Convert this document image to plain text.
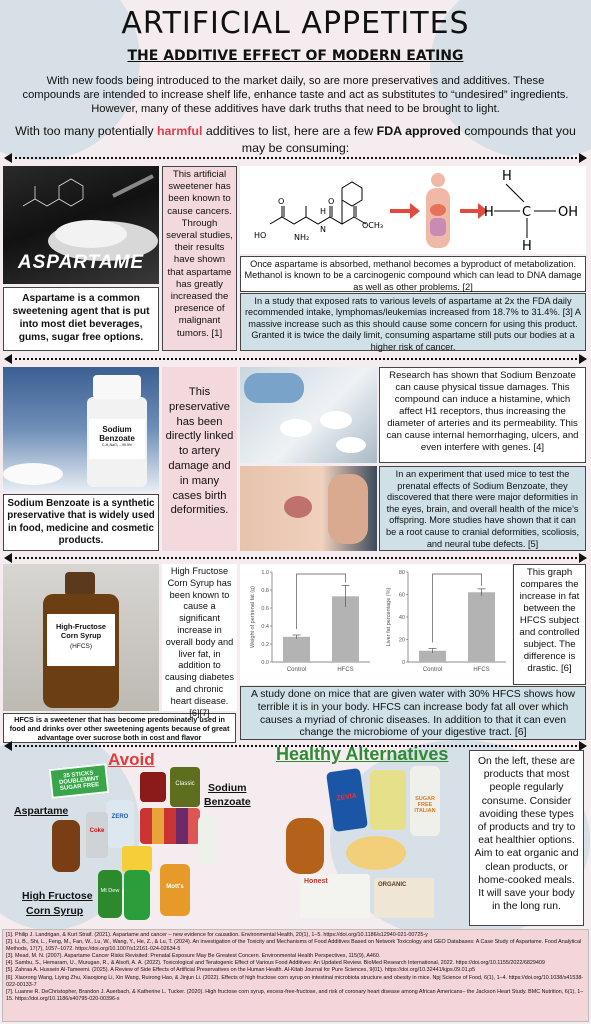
ARTIFICIAL APPETITES
THE ADDITIVE EFFECT OF MODERN EATING
With new foods being introduced to the market daily, so are more preservatives and additives. These compounds are intended to increase shelf life, enhance taste and act as substitutes to “undesired” ingredients. However, many of these additives have dark truths that need to be brought to light.
With too many potentially harmful additives to list, here are a few FDA approved compounds that you may be consuming:
ASPARTAME
Aspartame is a common sweetening agent that is put into most diet beverages, gums, sugar free options.
This artificial sweetener has been known to cause cancers. Through several studies, their results have shown that aspartame has greatly increased the presence of malignant tumors. [1]
HO	NH₂
O	O
N
H
OCH₃
H
H C OH
H
Once aspartame is absorbed, methanol becomes a byproduct of metabolization. Methanol is known to be a carcinogenic compound which can lead to DNA damage as well as other problems. [2]
In a study that exposed rats to various levels of aspartame at 2x the FDA daily recommended intake, lymphomas/leukemias increased from 18.7% to 31.4%. [3] A massive increase such as this should cause some concern for using this product. Granted it is twice the daily limit, consuming aspartame still puts our bodies at a higher risk of cancer.
Sodium
Benzoate
C₇H₅NaO₂ – 99.5%
Sodium Benzoate is a synthetic preservative that is widely used in food, medicine and cosmetic products.
This preservative has been directly linked to artery damage and in many cases birth deformities.
Research has shown that Sodium Benzoate can cause physical tissue damages. This compound can induce a histamine, which affect H1 receptors, thus increasing the diameter of arteries and its permeability. This can cause internal hemorrhaging, ulcers, and even interfere with genes. [4]
In an experiment that used mice to test the prenatal effects of Sodium Benzoate, they discovered that there were major deformities in the eyes, brain, and overall health of the mice’s offspring. More studies have shown that it can be a root cause to cranial deformities, scoliosis, and neural tube defects. [5]
High-Fructose
Corn Syrup
(HFCS)
HFCS is a sweetener that has become predominately used in food and drinks over other sweetening agents because of great advantage over sucrose both in cost and flavor
High Fructose Corn Syrup has been known to cause a significant increase in overall body and liver fat, in addition to causing diabetes and chronic heart disease. [6][7]
0.0
0.2
0.4
0.6
0.8
1.0
Weight of perirenal fat (g)
Control	HFCS
0
20
40
60
80
Liver fat percentage (%)
Control	HFCS
This graph compares the increase in fat between the HFCS subject and controlled subject. The difference is drastic. [6]
A study done on mice that are given water with 30% HFCS shows how terrible it is in your body. HFCS can increase body fat all over which causes a myriad of chronic diseases. In addition to that it can even change the microbiome of your digestive tract. [6]
Avoid	Healthy Alternatives
35 STICKS DOUBLEMINT SUGAR FREE	Classic
ZERO
Coke
Mt Dew
Mott's
Aspartame
Sodium
Benzoate
High Fructose
Corn Syrup
ZEVIA	SUGAR FREE ITALIAN
Honest	ORGANIC
On the left, these are products that most people regularly consume. Consider avoiding these types of products and try to eat healthier options. Aim to eat organic and clean products, or home-cooked meals. It will save your body in the long run.
[1]. Philip J. Landrigan, & Kurt Straif. (2021). Aspartame and cancer – new evidence for causation. Environmental Health, 20(1), 1–5. https://doi.org/10.1186/s12940-021-00725-y
[2]. Li, B., Shi, L., Feng, M., Fan, W., Lu, W., Wang, Y., He, Z., & Lu, T. (2024). An investigation of the Toxicity and Mechanisms of Food Additives Based on Network Toxicology and GEO Databases: A Case Study of Aspartame. Food Analytical Methods, 17(7), 1057–1072. https://doi.org/10.1007/s12161-024-02634-5
[3]. Mead, M. N. (2007). Aspartame Cancer Risks Revisited: Prenatal Exposure May Be Greatest Concern. Environmental Health Perspectives, 115(9), A460.
[4]. Sambu, S., Hemaram, U., Murugan, R., & Alsofi, A. A. (2022). Toxicological and Teratogenic Effect of Various Food Additives: An Updated Review. BioMed Research International, 2022. https://doi.org/10.1155/2022/6829409
[5]. Zahraa A. Hussein Al-Tameemi. (2025). A Review of Side Effects of Artificial Preservatives on the Human Health. Al-Kitab Journal for Pure Sciences, 9(01). https://doi.org/10.32441/kjps.09.01.p5
[6]. Xiaorong Wang, Liying Zhu, Xiaoqiong Li, Xin Wang, Ruirong Hao, & Jinjun Li. (2022). Effects of high fructose corn syrup on intestinal microbiota structure and obesity in mice. Npj Science of Food, 6(1), 1–4. https://doi.org/10.1038/s41538-022-00133-7
[7]. Luanne R. DeChristopher, Brandon J. Auerbach, & Katherine L. Tucker. (2020). High fructose corn syrup, excess-free-fructose, and risk of coronary heart disease among African Americans– the Jackson Heart Study. BMC Nutrition, 6(1), 1–15. https://doi.org/10.1186/s40795-020-00396-x
